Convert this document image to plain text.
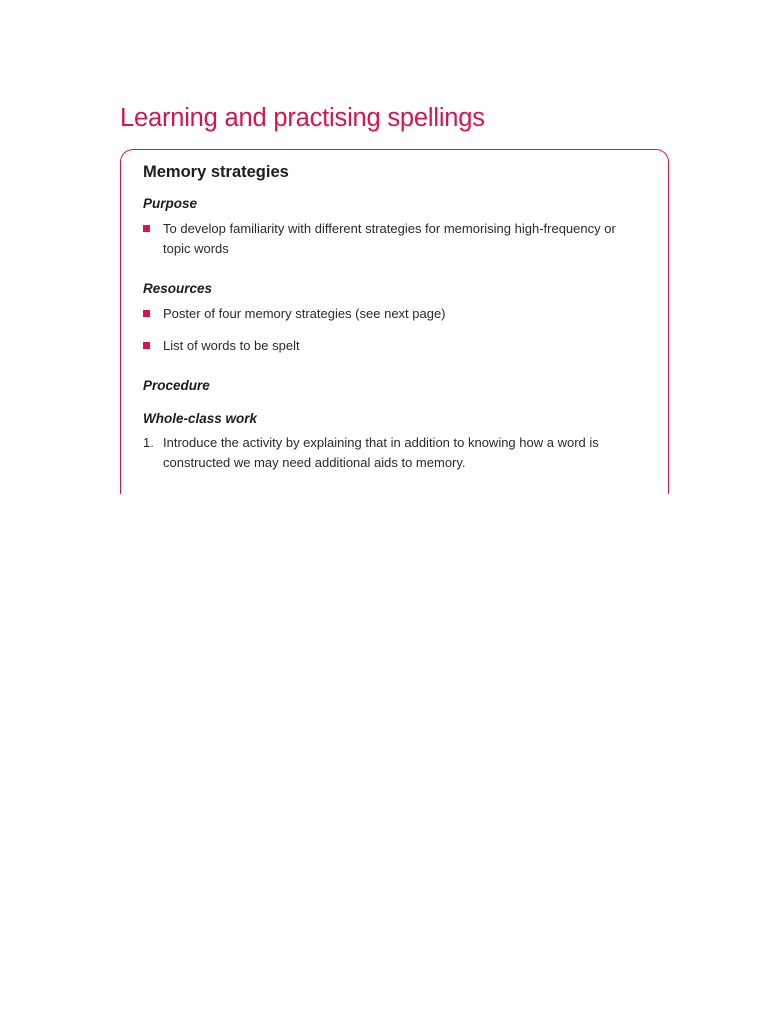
Learning and practising spellings
Memory strategies
Purpose
To develop familiarity with different strategies for memorising high-frequency or topic words
Resources
Poster of four memory strategies (see next page)
List of words to be spelt
Procedure
Whole-class work
1. Introduce the activity by explaining that in addition to knowing how a word is constructed we may need additional aids to memory.
